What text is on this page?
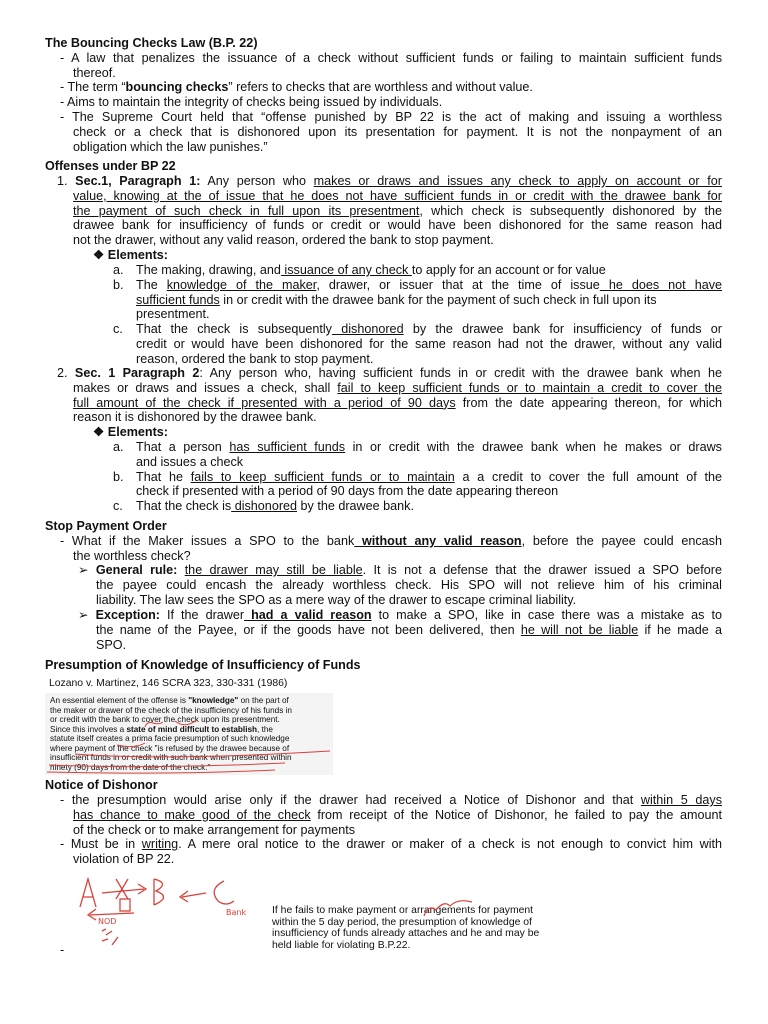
The Bouncing Checks Law (B.P. 22)
- A law that penalizes the issuance of a check without sufficient funds or failing to maintain sufficient funds
thereof.
- The term “bouncing checks” refers to checks that are worthless and without value.
- Aims to maintain the integrity of checks being issued by individuals.
- The Supreme Court held that “offense punished by BP 22 is the act of making and issuing a worthless
check or a check that is dishonored upon its presentation for payment. It is not the nonpayment of an
obligation which the law punishes.”
Offenses under BP 22
1. Sec.1, Paragraph 1: Any person who makes or draws and issues any check to apply on account or for
value, knowing at the of issue that he does not have sufficient funds in or credit with the drawee bank for
the payment of such check in full upon its presentment, which check is subsequently dishonored by the
drawee bank for insufficiency of funds or credit or would have been dishonored for the same reason had
not the drawer, without any valid reason, ordered the bank to stop payment.
❖ Elements:
a. The making, drawing, and issuance of any check to apply for an account or for value
b. The knowledge of the maker, drawer, or issuer that at the time of issue he does not have
sufficient funds in or credit with the drawee bank for the payment of such check in full upon its
presentment.
c. That the check is subsequently dishonored by the drawee bank for insufficiency of funds or
credit or would have been dishonored for the same reason had not the drawer, without any valid
reason, ordered the bank to stop payment.
2. Sec. 1 Paragraph 2: Any person who, having sufficient funds in or credit with the drawee bank when he
makes or draws and issues a check, shall fail to keep sufficient funds or to maintain a credit to cover the
full amount of the check if presented with a period of 90 days from the date appearing thereon, for which
reason it is dishonored by the drawee bank.
❖ Elements:
a. That a person has sufficient funds in or credit with the drawee bank when he makes or draws
and issues a check
b. That he fails to keep sufficient funds or to maintain a a credit to cover the full amount of the
check if presented with a period of 90 days from the date appearing thereon
c. That the check is dishonored by the drawee bank.
Stop Payment Order
- What if the Maker issues a SPO to the bank without any valid reason, before the payee could encash
the worthless check?
➢ General rule: the drawer may still be liable. It is not a defense that the drawer issued a SPO before
the payee could encash the already worthless check. His SPO will not relieve him of his criminal
liability. The law sees the SPO as a mere way of the drawer to escape criminal liability.
➢ Exception: If the drawer had a valid reason to make a SPO, like in case there was a mistake as to
the name of the Payee, or if the goods have not been delivered, then he will not be liable if he made a
SPO.
Presumption of Knowledge of Insufficiency of Funds
Lozano v. Martinez, 146 SCRA 323, 330-331 (1986)
An essential element of the offense is "knowledge" on the part of
the maker or drawer of the check of the insufficiency of his funds in
or credit with the bank to cover the check upon its presentment.
Since this involves a state of mind difficult to establish, the
statute itself creates a prima facie presumption of such knowledge
where payment of the check "is refused by the drawee because of
insufficient funds in or credit with such bank when presented within
ninety (90) days from the date of the check."
Notice of Dishonor
- the presumption would arise only if the drawer had received a Notice of Dishonor and that within 5 days
has chance to make good of the check from receipt of the Notice of Dishonor, he failed to pay the amount
of the check or to make arrangement for payments
- Must be in writing. A mere oral notice to the drawer or maker of a check is not enough to convict him with
violation of BP 22.
NOD
Bank If he fails to make payment or arrangements for payment
within the 5 day period, the presumption of knowledge of
insufficiency of funds already attaches and he and may be
held liable for violating B.P.22.
-
